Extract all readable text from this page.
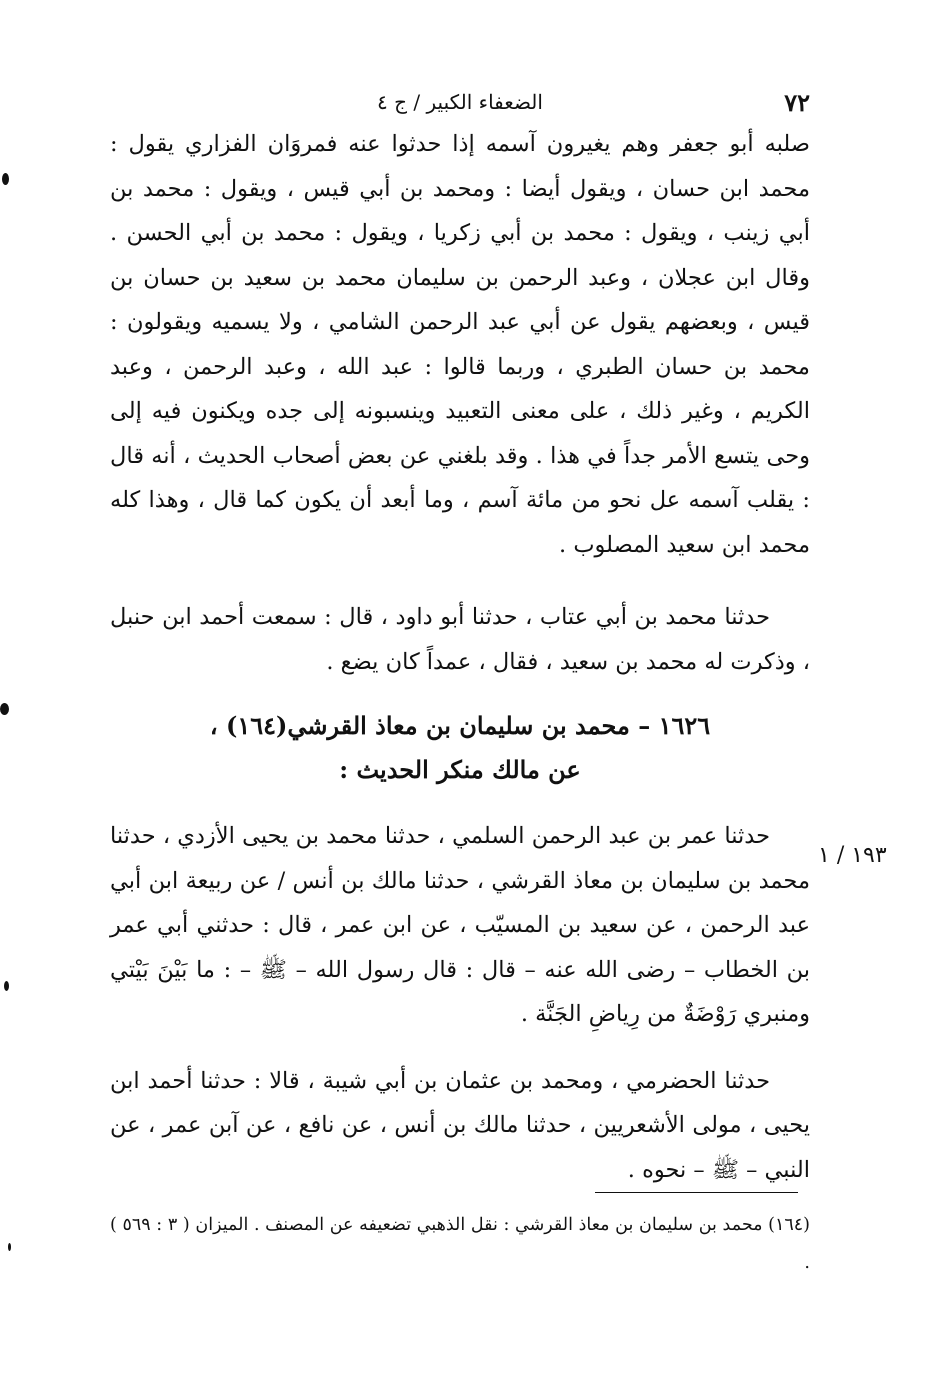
٧٢
الضعفاء الكبير / ج ٤

صلبه أبو جعفر وهم يغيرون آسمه إذا حدثوا عنه فمروَان الفزاري يقول : محمد ابن حسان ، ويقول أيضا : ومحمد بن أبي قيس ، ويقول : محمد بن أبي زينب ، ويقول : محمد بن أبي زكريا ، ويقول : محمد بن أبي الحسن . وقال ابن عجلان ، وعبد الرحمن بن سليمان محمد بن سعيد بن حسان بن قيس ، وبعضهم يقول عن أبي عبد الرحمن الشامي ، ولا يسميه ويقولون : محمد بن حسان الطبري ، وربما قالوا : عبد الله ، وعبد الرحمن ، وعبد الكريم ، وغير ذلك ، على معنى التعبيد وينسبونه إلى جده ويكنون فيه إلى وحى يتسع الأمر جداً في هذا . وقد بلغني عن بعض أصحاب الحديث ، أنه قال : يقلب آسمه عل نحو من مائة آسم ، وما أبعد أن يكون كما قال ، وهذا كله محمد ابن سعيد المصلوب .

حدثنا محمد بن أبي عتاب ، حدثنا أبو داود ، قال : سمعت أحمد ابن حنبل ، وذكرت له محمد بن سعيد ، فقال ، عمداً كان يضع .

١٦٢٦ – محمد بن سليمان بن معاذ القرشي(١٦٤) ،
عن مالك منكر الحديث :

حدثنا عمر بن عبد الرحمن السلمي ، حدثنا محمد بن يحيى الأزدي ، حدثنا محمد بن سليمان بن معاذ القرشي ، حدثنا مالك بن أنس / عن ربيعة ابن أبي عبد الرحمن ، عن سعيد بن المسيّب ، عن ابن عمر ، قال : حدثني أبي عمر بن الخطاب – رضى الله عنه – قال : قال رسول الله – ﷺ – : ما بَيْنَ بَيْتي ومنبري رَوْضَةٌ من رِياضِ الجَنَّة .

حدثنا الحضرمي ، ومحمد بن عثمان بن أبي شيبة ، قالا : حدثنا أحمد ابن يحيى ، مولى الأشعريين ، حدثنا مالك بن أنس ، عن نافع ، عن آبن عمر ، عن النبي – ﷺ – نحوه .

١٩٣ / ١
(١٦٤) محمد بن سليمان بن معاذ القرشي : نقل الذهبي تضعيفه عن المصنف . الميزان ( ٣ : ٥٦٩ ) .
